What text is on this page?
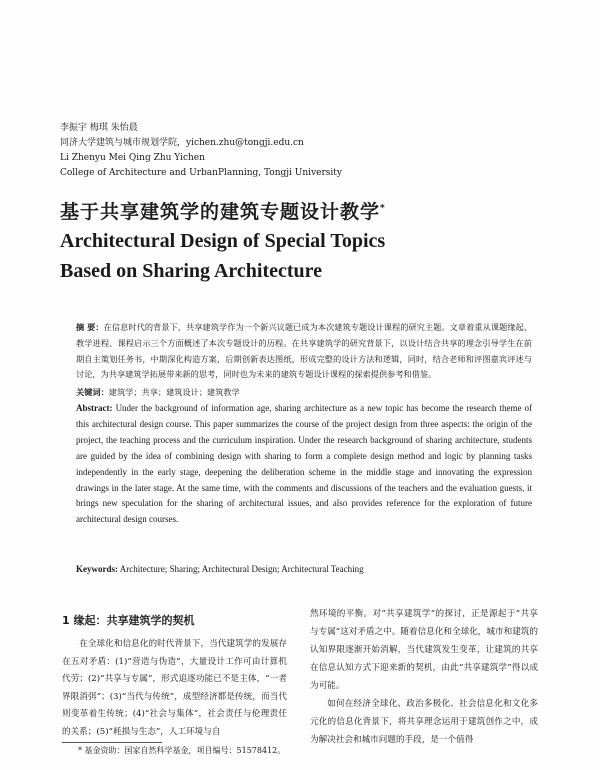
李振宇 梅琪 朱怡晨
同济大学建筑与城市规划学院，yichen.zhu@tongji.edu.cn
Li Zhenyu Mei Qing Zhu Yichen
College of Architecture and UrbanPlanning, Tongji University
基于共享建筑学的建筑专题设计教学*
Architectural Design of Special Topics
Based on Sharing Architecture
摘 要：在信息时代的背景下，共享建筑学作为一个新兴议题已成为本次建筑专题设计课程的研究主题。文章着重从课题缘起、教学进程、课程启示三个方面概述了本次专题设计的历程。在共享建筑学的研究背景下，以设计结合共享的理念引导学生在前期自主策划任务书，中期深化构造方案，后期创新表达图纸，形成完整的设计方法和逻辑，同时，结合老师和评图嘉宾评述与讨论，为共享建筑学拓展带来新的思考，同时也为未来的建筑专题设计课程的探索提供参考和借鉴。
关键词：建筑学；共享；建筑设计；建筑教学
Abstract: Under the background of information age, sharing architecture as a new topic has become the research theme of this architectural design course. This paper summarizes the course of the project design from three aspects: the origin of the project, the teaching process and the curriculum inspiration. Under the research background of sharing architecture, students are guided by the idea of combining design with sharing to form a complete design method and logic by planning tasks independently in the early stage, deepening the deliberation scheme in the middle stage and innovating the expression drawings in the later stage. At the same time, with the comments and discussions of the teachers and the evaluation guests, it brings new speculation for the sharing of architectural issues, and also provides reference for the exploration of future architectural design courses.
Keywords: Architecture; Sharing; Architectural Design; Architectural Teaching
1 缘起：共享建筑学的契机
在全球化和信息化的时代背景下，当代建筑学的发展存在五对矛盾：(1)“营造与伪造”，大量设计工作可由计算机代劳；(2)“共享与专属”，形式追逐功能已不是主体，“一者界限消弭”；(3)“当代与传统”，成型经济都是传统，而当代则变革着生传统；(4)“社会与集体”，社会责任与伦理责任的关系；(5)“耗损与生态”，人工环境与自
然环境的平衡。对“共享建筑学”的探讨，正是源起于“共享与专属”这对矛盾之中。随着信息化和全球化，城市和建筑的认知界限逐渐开始消解，当代建筑发生变革，让建筑的共享在信息认知方式下迎来新的契机，由此“共享建筑学”得以成为可能。
如何在经济全球化、政治多极化、社会信息化和文化多元化的信息化背景下，将共享理念运用于建筑创作之中，成为解决社会和城市问题的手段，是一个值得
* 基金资助：国家自然科学基金，项目编号：51578412。
